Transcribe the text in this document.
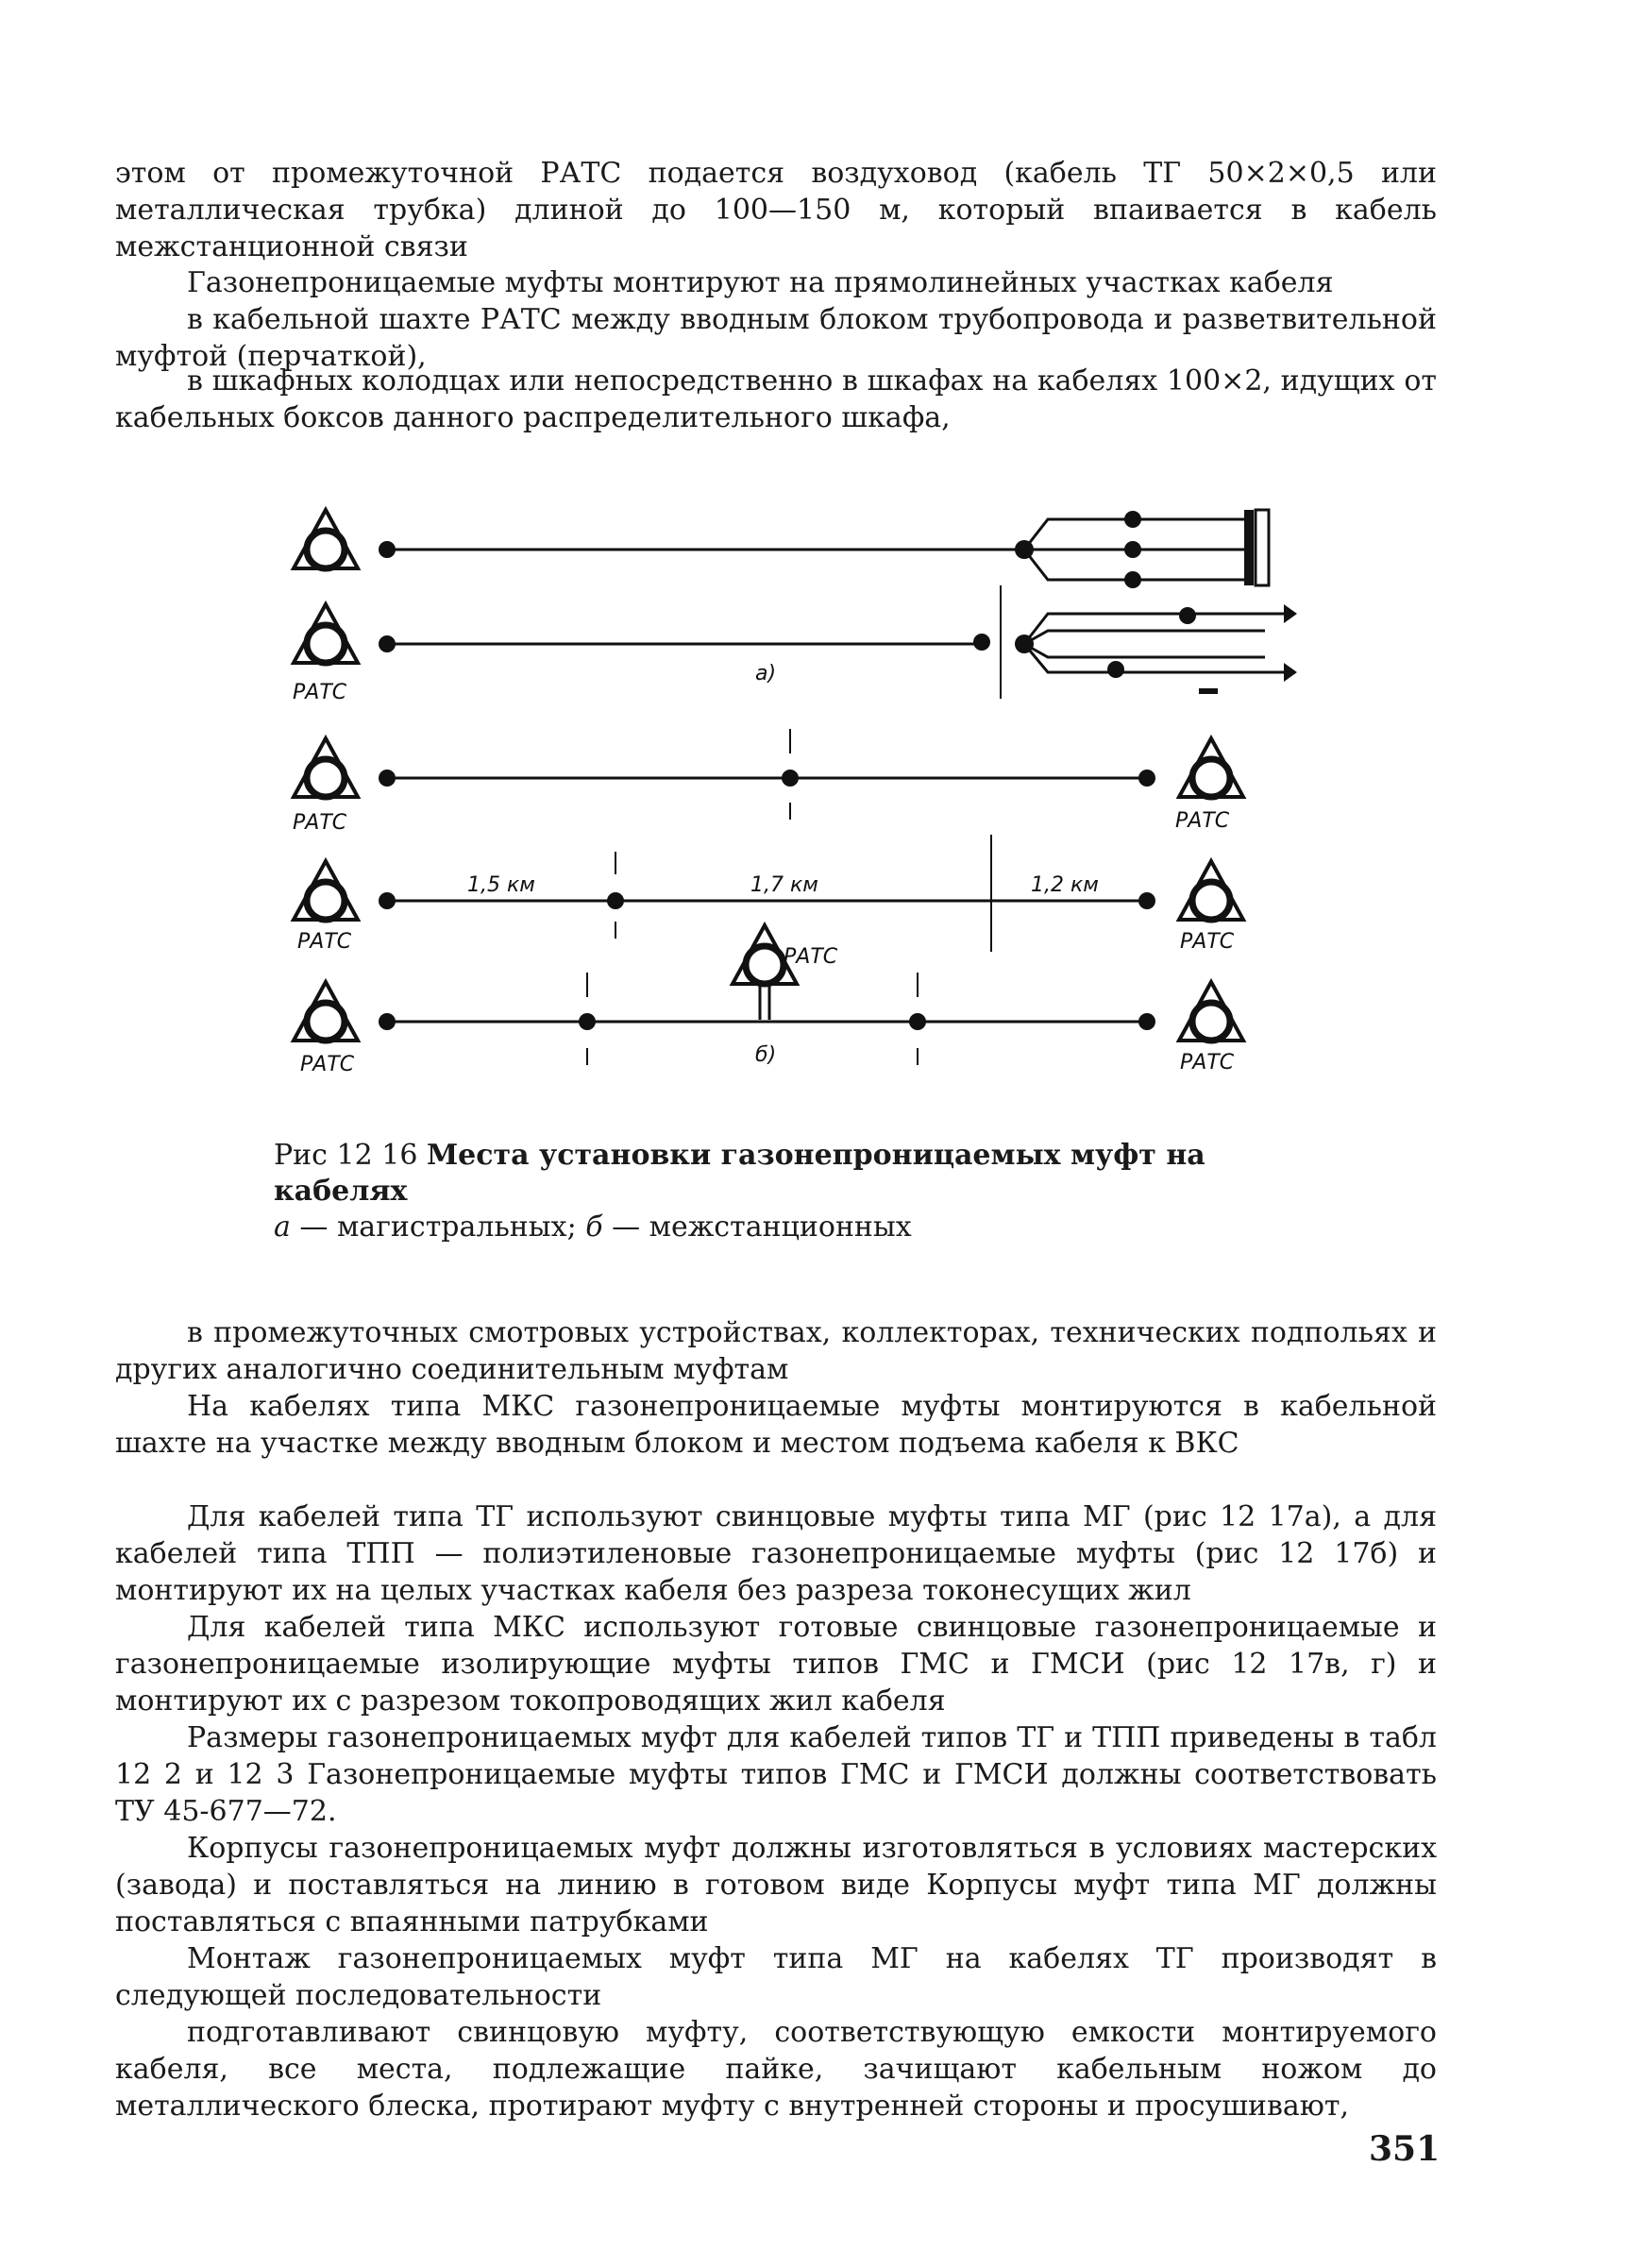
этом от промежуточной РАТС подается воздуховод (кабель ТГ 50×2×0,5 или металлическая трубка) длиной до 100—150 м, который впаивается в кабель межстанционной связи

Газонепроницаемые муфты монтируют на прямолинейных участках кабеля

в кабельной шахте РАТС между вводным блоком трубопровода и разветвительной муфтой (перчаткой),

в шкафных колодцах или непосредственно в шкафах на кабелях 100×2, идущих от кабельных боксов данного распределительного шкафа,

РАТС
а)
РАТС	РАТС
РАТС	РАТС
1,5 км	1,7 км	1,2 км
РАТС
РАТС	РАТС
б)
Рис 12 16 Места установки газонепроницаемых муфт на кабелях
а — магистральных; б — межстанционных

в промежуточных смотровых устройствах, коллекторах, технических подпольях и других аналогично соединительным муфтам

На кабелях типа МКС газонепроницаемые муфты монтируются в кабельной шахте на участке между вводным блоком и местом подъема кабеля к ВКС

Для кабелей типа ТГ используют свинцовые муфты типа МГ (рис 12 17а), а для кабелей типа ТПП — полиэтиленовые газонепроницаемые муфты (рис 12 17б) и монтируют их на целых участках кабеля без разреза токонесущих жил

Для кабелей типа МКС используют готовые свинцовые газонепроницаемые и газонепроницаемые изолирующие муфты типов ГМС и ГМСИ (рис 12 17в, г) и монтируют их с разрезом токопроводящих жил кабеля

Размеры газонепроницаемых муфт для кабелей типов ТГ и ТПП приведены в табл 12 2 и 12 3 Газонепроницаемые муфты типов ГМС и ГМСИ должны соответствовать ТУ 45-677—72.

Корпусы газонепроницаемых муфт должны изготовляться в условиях мастерских (завода) и поставляться на линию в готовом виде Корпусы муфт типа МГ должны поставляться с впаянными патрубками

Монтаж газонепроницаемых муфт типа МГ на кабелях ТГ производят в следующей последовательности

подготавливают свинцовую муфту, соответствующую емкости монтируемого кабеля, все места, подлежащие пайке, зачищают кабельным ножом до металлического блеска, протирают муфту с внутренней стороны и просушивают,

351
